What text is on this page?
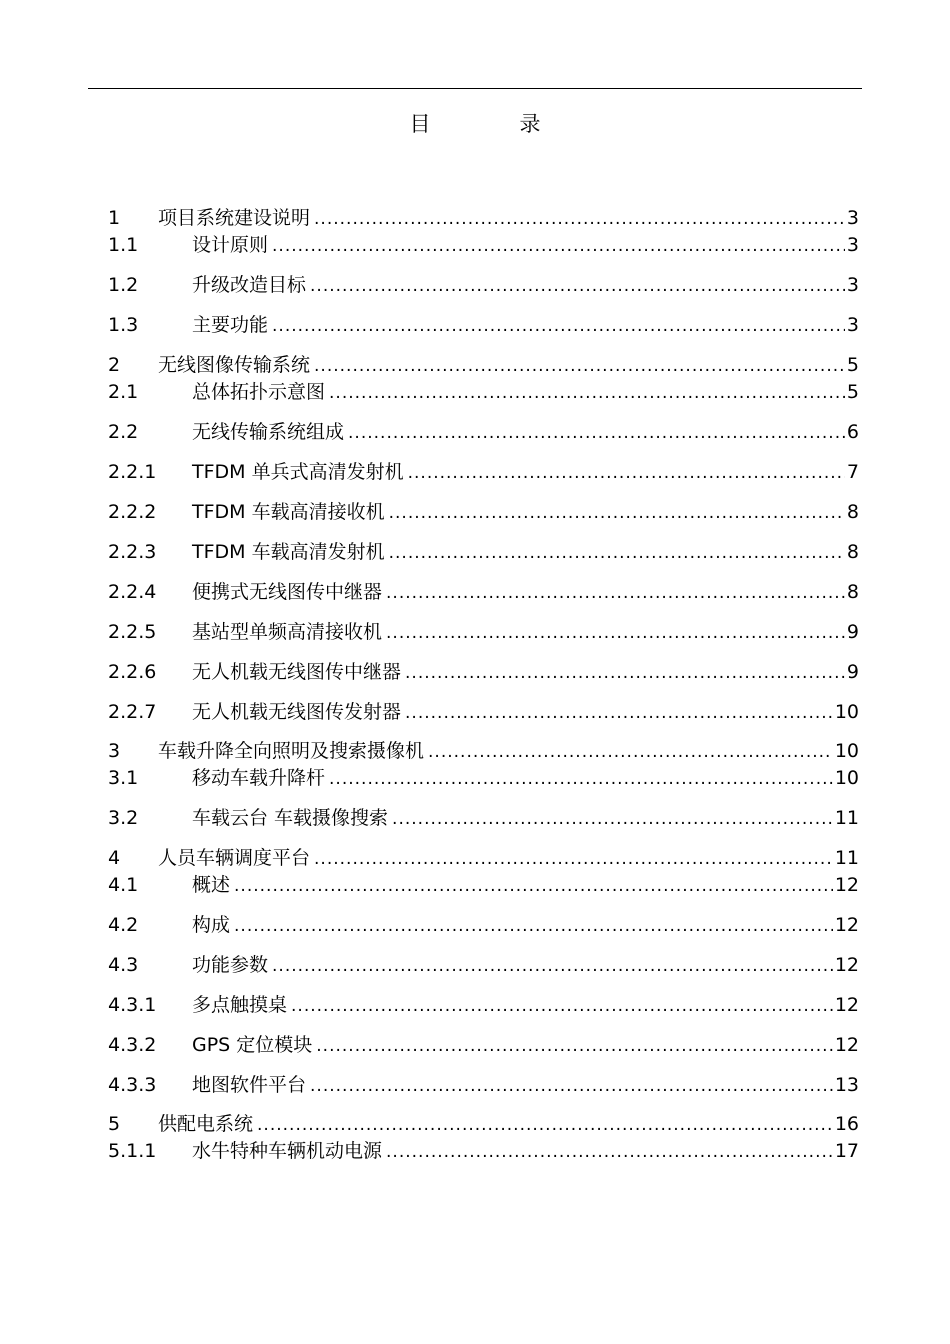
目　录
1	项目系统建设说明 .....	3
1.1	设计原则 .....	3
1.2	升级改造目标 .....	3
1.3	主要功能 .....	3
2	无线图像传输系统 .....	5
2.1	总体拓扑示意图 .....	5
2.2	无线传输系统组成 .....	6
2.2.1	TFDM 单兵式高清发射机 .....	7
2.2.2	TFDM 车载高清接收机 .....	8
2.2.3	TFDM 车载高清发射机 .....	8
2.2.4	便携式无线图传中继器 .....	8
2.2.5	基站型单频高清接收机 .....	9
2.2.6	无人机载无线图传中继器 .....	9
2.2.7	无人机载无线图传发射器 .....	10
3	车载升降全向照明及搜索摄像机 .....	10
3.1	移动车载升降杆 .....	10
3.2	车载云台 车载摄像搜索 .....	11
4	人员车辆调度平台 .....	11
4.1	概述 .....	12
4.2	构成 .....	12
4.3	功能参数 .....	12
4.3.1	多点触摸桌 .....	12
4.3.2	GPS 定位模块 .....	12
4.3.3	地图软件平台 .....	13
5	供配电系统 .....	16
5.1.1	水牛特种车辆机动电源 .....	17
